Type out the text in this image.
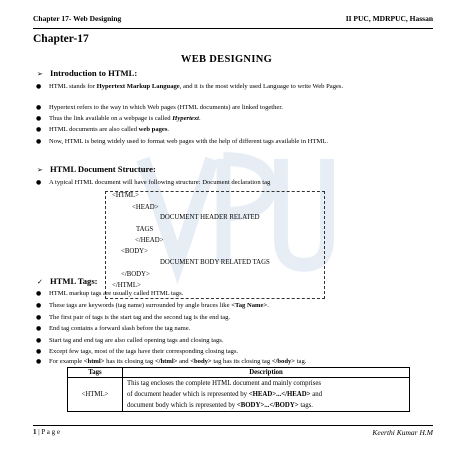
Chapter 17- Web Designing	II PUC, MDRPUC, Hassan
Chapter-17
WEB DESIGNING
➢ Introduction to HTML:
● HTML stands for Hypertext Markup Language, and it is the most widely used Language to write Web Pages.
● Hypertext refers to the way in which Web pages (HTML documents) are linked together.
● Thus the link available on a webpage is called Hypertext.
● HTML documents are also called web pages.
● Now, HTML is being widely used to format web pages with the help of different tags available in HTML.
➢ HTML Document Structure:
● A typical HTML document will have following structure: Document declaration tag
<HTML>
<HEAD>
DOCUMENT HEADER RELATED
TAGS
</HEAD>
<BODY>
DOCUMENT BODY RELATED TAGS
</BODY>
</HTML>
✓ HTML Tags:
● HTML markup tags are usually called HTML tags.
● These tags are keywords (tag name) surrounded by angle braces like <Tag Name>.
● The first pair of tags is the start tag and the second tag is the end tag.
● End tag contains a forward slash before the tag name.
● Start tag and end tag are also called opening tags and closing tags.
Tags	Description
<HTML>	This tag encloses the complete HTML document and mainly comprises
of document header which is represented by <HEAD>...</HEAD> and
document body which is represented by <BODY>...</BODY> tags.
1 | P a g e	Keerthi Kumar H.M
● Except few tags, most of the tags have their corresponding closing tags.
● For example <html> has its closing tag </html> and <body> tag has its closing tag </body> tag.
